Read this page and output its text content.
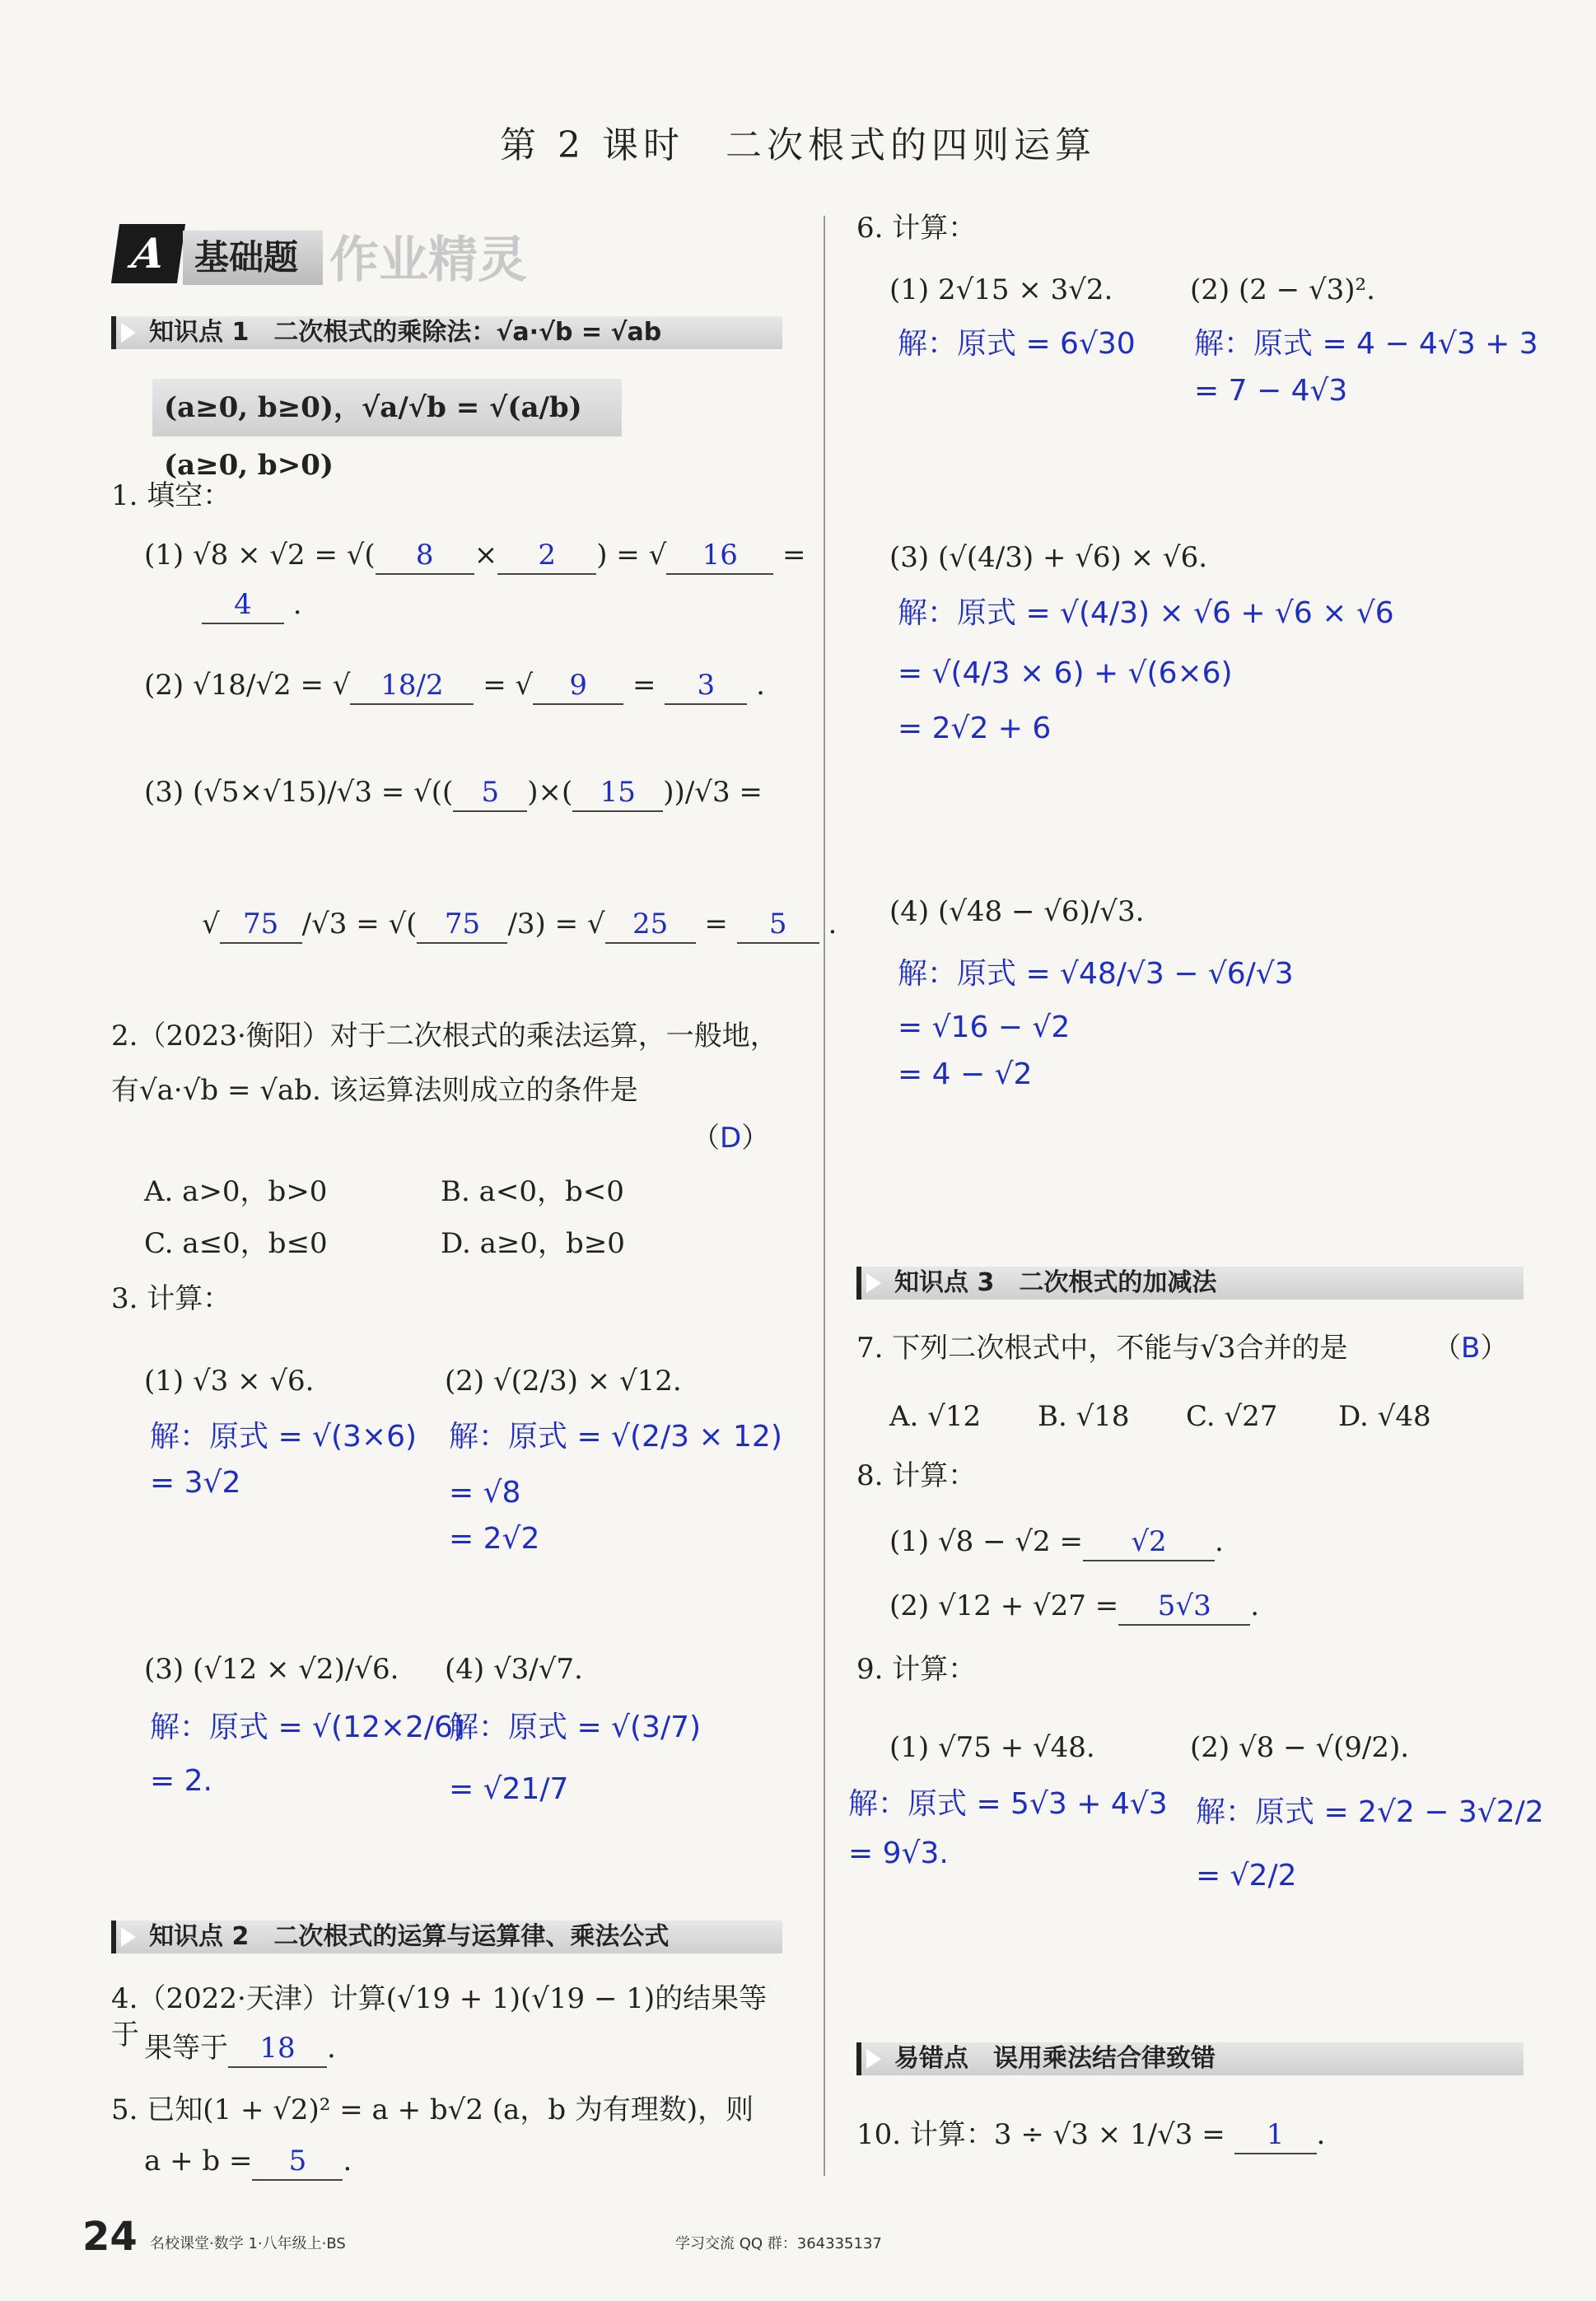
第 2 课时　二次根式的四则运算
A 基础题 作业精灵
知识点 1　二次根式的乘除法：√a·√b = √ab
(a≥0, b≥0)，√a/√b = √(a/b) (a≥0, b>0)
1. 填空：
(1) √8 × √2 = √( 8 × 2 ) = √ 16 =
4 .
(2) √18/√2 = √ 18/2 = √ 9 = 3 .
(3) (√5×√15)/√3 = √(( 5 )×( 15 ))/√3 =
√ 75 /√3 = √( 75 /3) = √ 25 = 5 .
2.（2023·衡阳）对于二次根式的乘法运算，一般地，有√a·√b = √ab. 该运算法则成立的条件是
（D）
A. a>0，b>0	B. a<0，b<0
C. a≤0，b≤0	D. a≥0，b≥0
3. 计算：
(1) √3 × √6.
解：原式 = √(3×6)
= 3√2
(2) √(2/3) × √12.
解：原式 = √(2/3 × 12)
= √8
= 2√2
(3) (√12 × √2)/√6.
解：原式 = √(12×2/6)
= 2.
(4) √3/√7.
解：原式 = √(3/7)
= √21/7
知识点 2　二次根式的运算与运算律、乘法公式
4.（2022·天津）计算(√19 + 1)(√19 − 1)的结果等于 果等于 18 .
5. 已知(1 + √2)² = a + b√2 (a，b 为有理数)，则
a + b = 5 .
6. 计算：
(1) 2√15 × 3√2.
解：原式 = 6√30
(2) (2 − √3)².
解：原式 = 4 − 4√3 + 3
= 7 − 4√3
(3) (√(4/3) + √6) × √6.
解：原式 = √(4/3) × √6 + √6 × √6
= √(4/3 × 6) + √(6×6)
= 2√2 + 6
(4) (√48 − √6)/√3.
解：原式 = √48/√3 − √6/√3
= √16 − √2
= 4 − √2
知识点 3　二次根式的加减法
7. 下列二次根式中，不能与√3合并的是	（B）
A. √12 B. √18 C. √27 D. √48
8. 计算：
(1) √8 − √2 = √2 .
(2) √12 + √27 = 5√3 .
9. 计算：
(1) √75 + √48.
解：原式 = 5√3 + 4√3
= 9√3.
(2) √8 − √(9/2).
解：原式 = 2√2 − 3√2/2
= √2/2
易错点　误用乘法结合律致错
10. 计算：3 ÷ √3 × 1/√3 = 1 .
24 名校课堂·数学 1·八年级上·BS	学习交流 QQ 群：364335137
